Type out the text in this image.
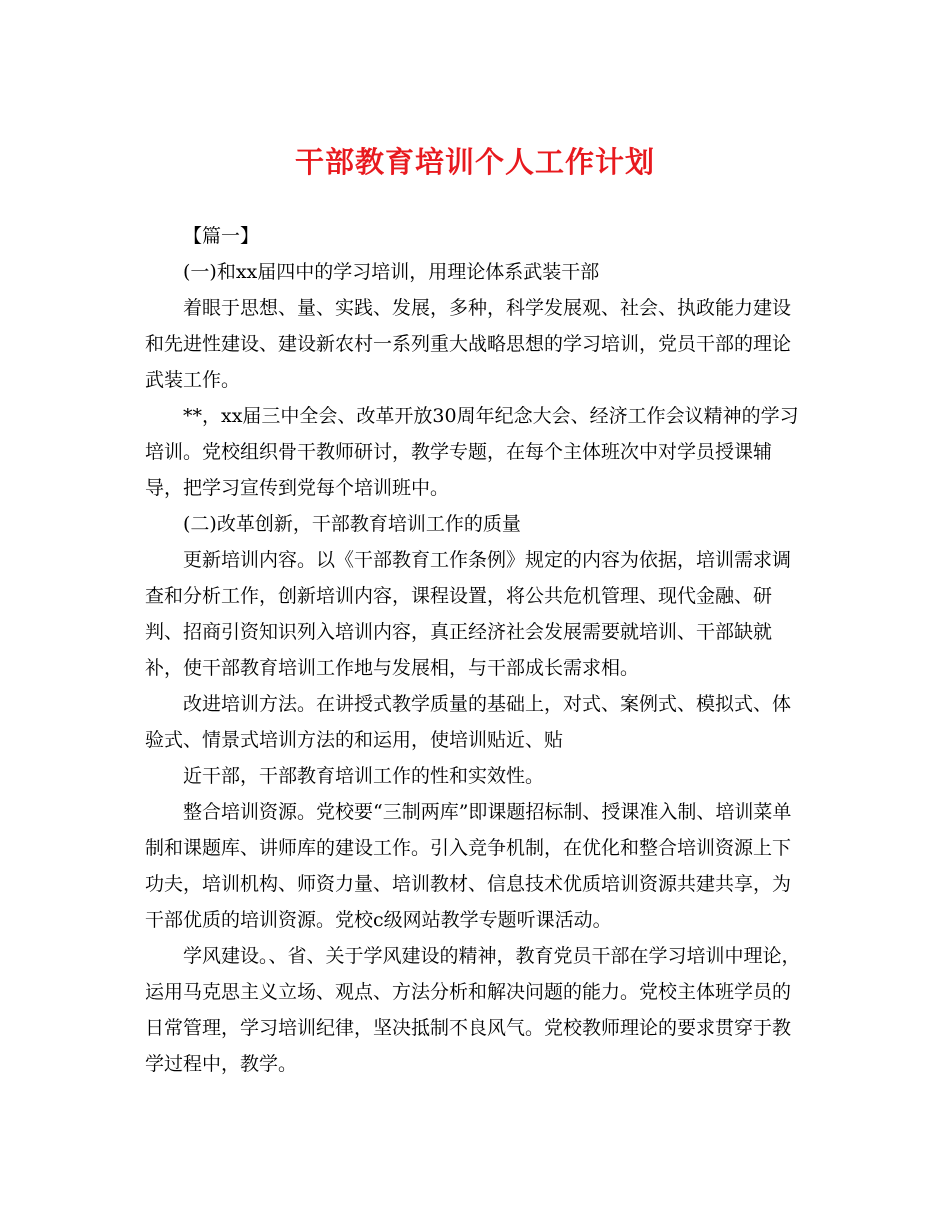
干部教育培训个人工作计划

【篇一】

(一)和xx届四中的学习培训，用理论体系武装干部

着眼于思想、量、实践、发展，多种，科学发展观、社会、执政能力建设和先进性建设、建设新农村一系列重大战略思想的学习培训，党员干部的理论武装工作。

**，xx届三中全会、改革开放30周年纪念大会、经济工作会议精神的学习培训。党校组织骨干教师研讨，教学专题，在每个主体班次中对学员授课辅导，把学习宣传到党每个培训班中。

(二)改革创新，干部教育培训工作的质量

更新培训内容。以《干部教育工作条例》规定的内容为依据，培训需求调查和分析工作，创新培训内容，课程设置，将公共危机管理、现代金融、研判、招商引资知识列入培训内容，真正经济社会发展需要就培训、干部缺就补，使干部教育培训工作地与发展相，与干部成长需求相。

改进培训方法。在讲授式教学质量的基础上，对式、案例式、模拟式、体验式、情景式培训方法的和运用，使培训贴近、贴

近干部，干部教育培训工作的性和实效性。

整合培训资源。党校要“三制两库”即课题招标制、授课准入制、培训菜单制和课题库、讲师库的建设工作。引入竞争机制，在优化和整合培训资源上下功夫，培训机构、师资力量、培训教材、信息技术优质培训资源共建共享，为干部优质的培训资源。党校c级网站教学专题听课活动。

学风建设。、省、关于学风建设的精神，教育党员干部在学习培训中理论，运用马克思主义立场、观点、方法分析和解决问题的能力。党校主体班学员的日常管理，学习培训纪律，坚决抵制不良风气。党校教师理论的要求贯穿于教学过程中，教学。
